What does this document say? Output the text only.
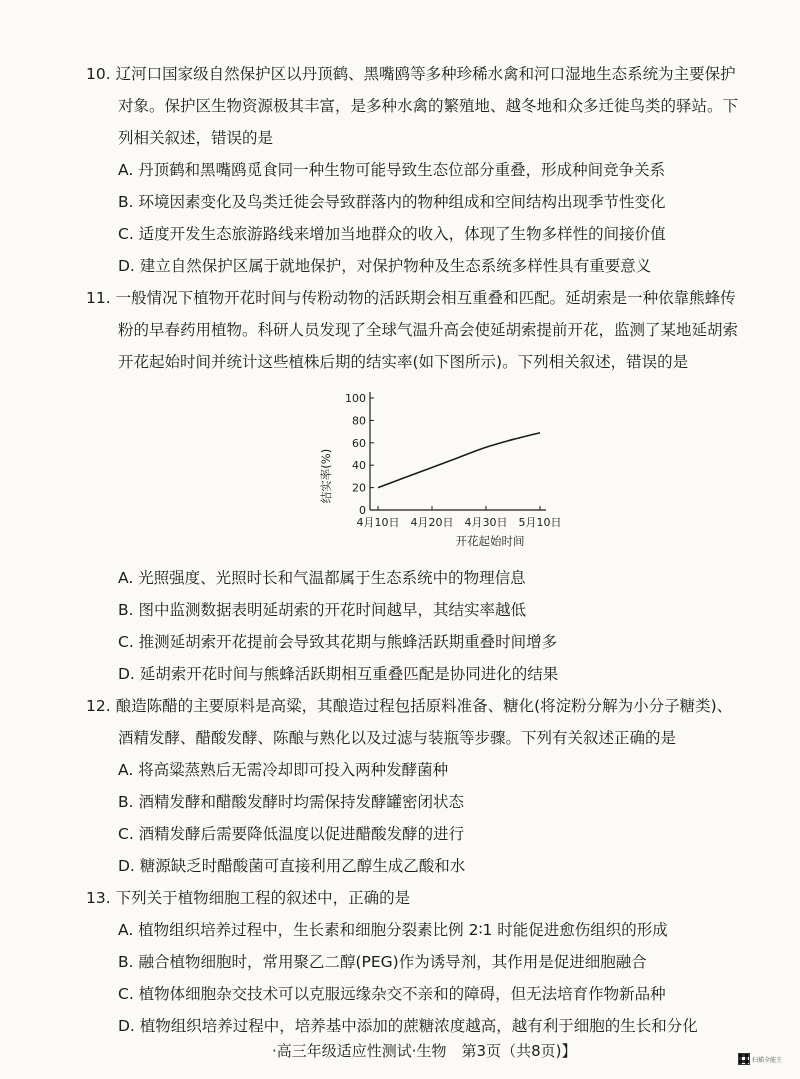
10. 辽河口国家级自然保护区以丹顶鹤、黑嘴鸥等多种珍稀水禽和河口湿地生态系统为主要保护
对象。保护区生物资源极其丰富，是多种水禽的繁殖地、越冬地和众多迁徙鸟类的驿站。下
列相关叙述，错误的是
A. 丹顶鹤和黑嘴鸥觅食同一种生物可能导致生态位部分重叠，形成种间竞争关系
B. 环境因素变化及鸟类迁徙会导致群落内的物种组成和空间结构出现季节性变化
C. 适度开发生态旅游路线来增加当地群众的收入，体现了生物多样性的间接价值
D. 建立自然保护区属于就地保护，对保护物种及生态系统多样性具有重要意义
11. 一般情况下植物开花时间与传粉动物的活跃期会相互重叠和匹配。延胡索是一种依靠熊蜂传
粉的早春药用植物。科研人员发现了全球气温升高会使延胡索提前开花，监测了某地延胡索
开花起始时间并统计这些植株后期的结实率(如下图所示)。下列相关叙述，错误的是
0
20
40
60
80
100
4月10日 4月20日 4月30日 5月10日
结实率(%)
开花起始时间
A. 光照强度、光照时长和气温都属于生态系统中的物理信息
B. 图中监测数据表明延胡索的开花时间越早，其结实率越低
C. 推测延胡索开花提前会导致其花期与熊蜂活跃期重叠时间增多
D. 延胡索开花时间与熊蜂活跃期相互重叠匹配是协同进化的结果
12. 酿造陈醋的主要原料是高粱，其酿造过程包括原料准备、糖化(将淀粉分解为小分子糖类)、
酒精发酵、醋酸发酵、陈酿与熟化以及过滤与装瓶等步骤。下列有关叙述正确的是
A. 将高粱蒸熟后无需冷却即可投入两种发酵菌种
B. 酒精发酵和醋酸发酵时均需保持发酵罐密闭状态
C. 酒精发酵后需要降低温度以促进醋酸发酵的进行
D. 糖源缺乏时醋酸菌可直接利用乙醇生成乙酸和水
13. 下列关于植物细胞工程的叙述中，正确的是
A. 植物组织培养过程中，生长素和细胞分裂素比例 2∶1 时能促进愈伤组织的形成
B. 融合植物细胞时，常用聚乙二醇(PEG)作为诱导剂，其作用是促进细胞融合
C. 植物体细胞杂交技术可以克服远缘杂交不亲和的障碍，但无法培育作物新品种
D. 植物组织培养过程中，培养基中添加的蔗糖浓度越高，越有利于细胞的生长和分化
·高三年级适应性测试·生物　第3页（共8页)】	扫描全能王
